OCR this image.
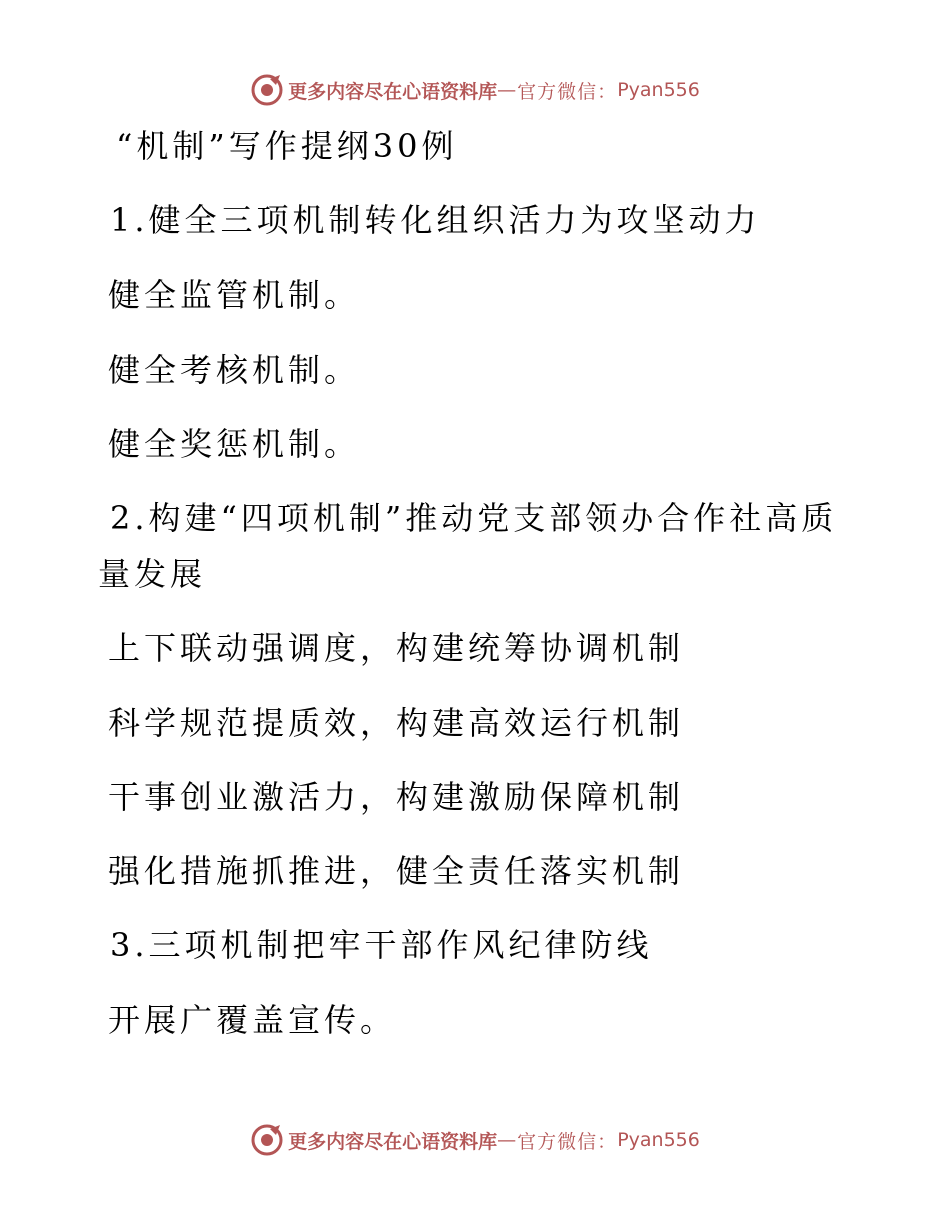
更多内容尽在心语资料库 — 官方微信： Pyan556
“机制”写作提纲30例
1.健全三项机制转化组织活力为攻坚动力
健全监管机制。
健全考核机制。
健全奖惩机制。
2.构建“四项机制”推动党支部领办合作社高质
量发展
上下联动强调度，构建统筹协调机制
科学规范提质效，构建高效运行机制
干事创业激活力，构建激励保障机制
强化措施抓推进，健全责任落实机制
3.三项机制把牢干部作风纪律防线
开展广覆盖宣传。
更多内容尽在心语资料库 — 官方微信： Pyan556
